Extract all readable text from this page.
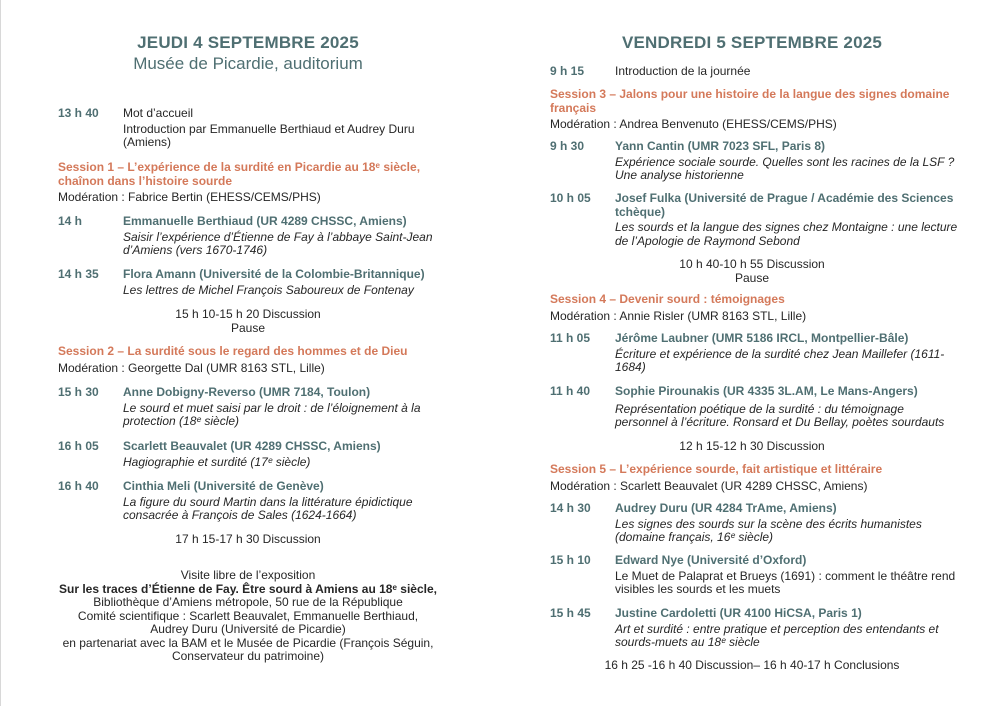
JEUDI 4 SEPTEMBRE 2025
Musée de Picardie, auditorium
13 h 40 Mot d’accueil
Introduction par Emmanuelle Berthiaud et Audrey Duru (Amiens)
Session 1 – L’expérience de la surdité en Picardie au 18ᵉ siècle, chaînon dans l’histoire sourde
Modération : Fabrice Bertin (EHESS/CEMS/PHS)
14 h	Emmanuelle Berthiaud (UR 4289 CHSSC, Amiens)
Saisir l’expérience d’Étienne de Fay à l’abbaye Saint-Jean d’Amiens (vers 1670-1746)
14 h 35 Flora Amann (Université de la Colombie-Britannique)
Les lettres de Michel François Saboureux de Fontenay
15 h 10-15 h 20 Discussion
Pause
Session 2 – La surdité sous le regard des hommes et de Dieu
Modération : Georgette Dal (UMR 8163 STL, Lille)
15 h 30 Anne Dobigny-Reverso (UMR 7184, Toulon)
Le sourd et muet saisi par le droit : de l’éloignement à la protection (18ᵉ siècle)
16 h 05 Scarlett Beauvalet (UR 4289 CHSSC, Amiens)
Hagiographie et surdité (17ᵉ siècle)
16 h 40 Cinthia Meli (Université de Genève)
La figure du sourd Martin dans la littérature épidictique consacrée à François de Sales (1624-1664)
17 h 15-17 h 30 Discussion
Visite libre de l’exposition
Sur les traces d’Étienne de Fay. Être sourd à Amiens au 18ᵉ siècle,
Bibliothèque d’Amiens métropole, 50 rue de la République
Comité scientifique : Scarlett Beauvalet, Emmanuelle Berthiaud,
Audrey Duru (Université de Picardie)
en partenariat avec la BAM et le Musée de Picardie (François Séguin,
Conservateur du patrimoine)
VENDREDI 5 SEPTEMBRE 2025
9 h 15	Introduction de la journée
Session 3 – Jalons pour une histoire de la langue des signes domaine français
Modération : Andrea Benvenuto (EHESS/CEMS/PHS)
9 h 30	Yann Cantin (UMR 7023 SFL, Paris 8)
Expérience sociale sourde. Quelles sont les racines de la LSF ? Une analyse historienne
10 h 05 Josef Fulka (Université de Prague / Académie des Sciences tchèque)
Les sourds et la langue des signes chez Montaigne : une lecture de l’Apologie de Raymond Sebond
10 h 40-10 h 55 Discussion
Pause
Session 4 – Devenir sourd : témoignages
Modération : Annie Risler (UMR 8163 STL, Lille)
11 h 05 Jérôme Laubner (UMR 5186 IRCL, Montpellier-Bâle)
Écriture et expérience de la surdité chez Jean Maillefer (1611-1684)
11 h 40 Sophie Pirounakis (UR 4335 3L.AM, Le Mans-Angers)
Représentation poétique de la surdité : du témoignage personnel à l’écriture. Ronsard et Du Bellay, poètes sourdauts
12 h 15-12 h 30 Discussion
Session 5 – L’expérience sourde, fait artistique et littéraire
Modération : Scarlett Beauvalet (UR 4289 CHSSC, Amiens)
14 h 30 Audrey Duru (UR 4284 TrAme, Amiens)
Les signes des sourds sur la scène des écrits humanistes (domaine français, 16ᵉ siècle)
15 h 10 Edward Nye (Université d’Oxford)
Le Muet de Palaprat et Brueys (1691) : comment le théâtre rend visibles les sourds et les muets
15 h 45 Justine Cardoletti (UR 4100 HiCSA, Paris 1)
Art et surdité : entre pratique et perception des entendants et sourds-muets au 18ᵉ siècle
16 h 25 -16 h 40 Discussion– 16 h 40-17 h Conclusions
